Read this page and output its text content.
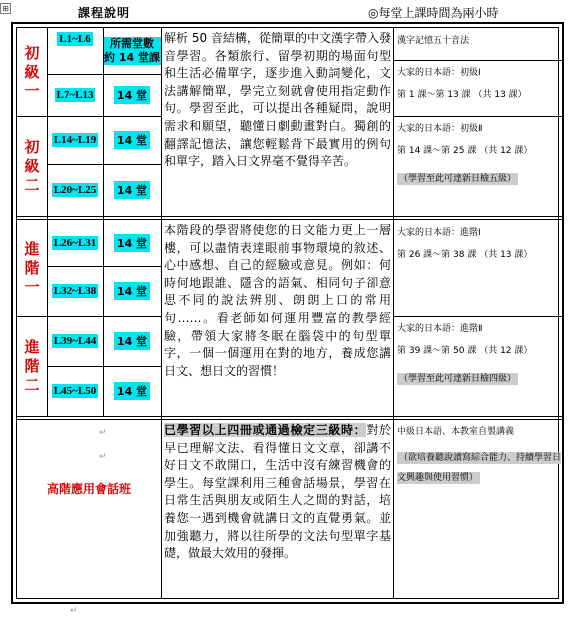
⊞	課程說明	◎每堂上課時間為兩小時
初
級
一
初
級
二
進
階
一
進
階
二
L1~L6
L7~L13
L14~L19
L20~L25
L26~L31
L32~L38
L39~L44
L45~L50
所需堂數
約 14 堂課
14 堂
14 堂
14 堂
14 堂
14 堂
14 堂
14 堂
解析 50 音結構，從簡單的中文漢字帶入發音學習。各類旅行、留學初期的場面句型和生活必備單字，逐步進入動詞變化，文法講解簡單，學完立刻就會使用指定動作句。學習至此，可以提出各種疑問，說明需求和願望，聽懂日劇動畫對白。獨創的翻譯記憶法，讓您輕鬆背下最實用的例句和單字，踏入日文界毫不覺得辛苦。
本階段的學習將使您的日文能力更上一層樓，可以盡情表達眼前事物環境的敘述、心中感想、自己的經驗或意見。例如：何時何地跟誰、隱含的語氣、相同句子卻意思不同的說法辨別、朗朗上口的常用句……。看老師如何運用豐富的教學經驗，帶領大家將冬眠在腦袋中的句型單字，一個一個運用在對的地方，養成您講日文、想日文的習慣！

漢字記憶五十音法

大家的日本語：初級Ⅰ

第 1 課～第 13 課 （共 13 課）

大家的日本語：初級Ⅱ

第 14 課～第 25 課 （共 12 課）

（學習至此可達新日檢五級）

大家的日本語：進階Ⅰ

第 26 課～第 38 課 （共 13 課）

大家的日本語：進階Ⅱ

第 39 課～第 50 課 （共 12 課）

（學習至此可達新日檢四級）

↵
↵
高階應用會話班
已學習以上四冊或通過檢定三級時：對於早已理解文法、看得懂日文文章，卻講不好日文不敢開口，生活中沒有練習機會的學生。每堂課利用三種會話場景，學習在日常生活與朋友或陌生人之間的對話，培養您一遇到機會就講日文的直覺勇氣。並加強聽力，將以往所學的文法句型單字基礎，做最大效用的發揮。

中級日本語、本教室自製講義

（欲培養聽說讀寫綜合能力、持續學習日文興趣與使用習慣）

↵
